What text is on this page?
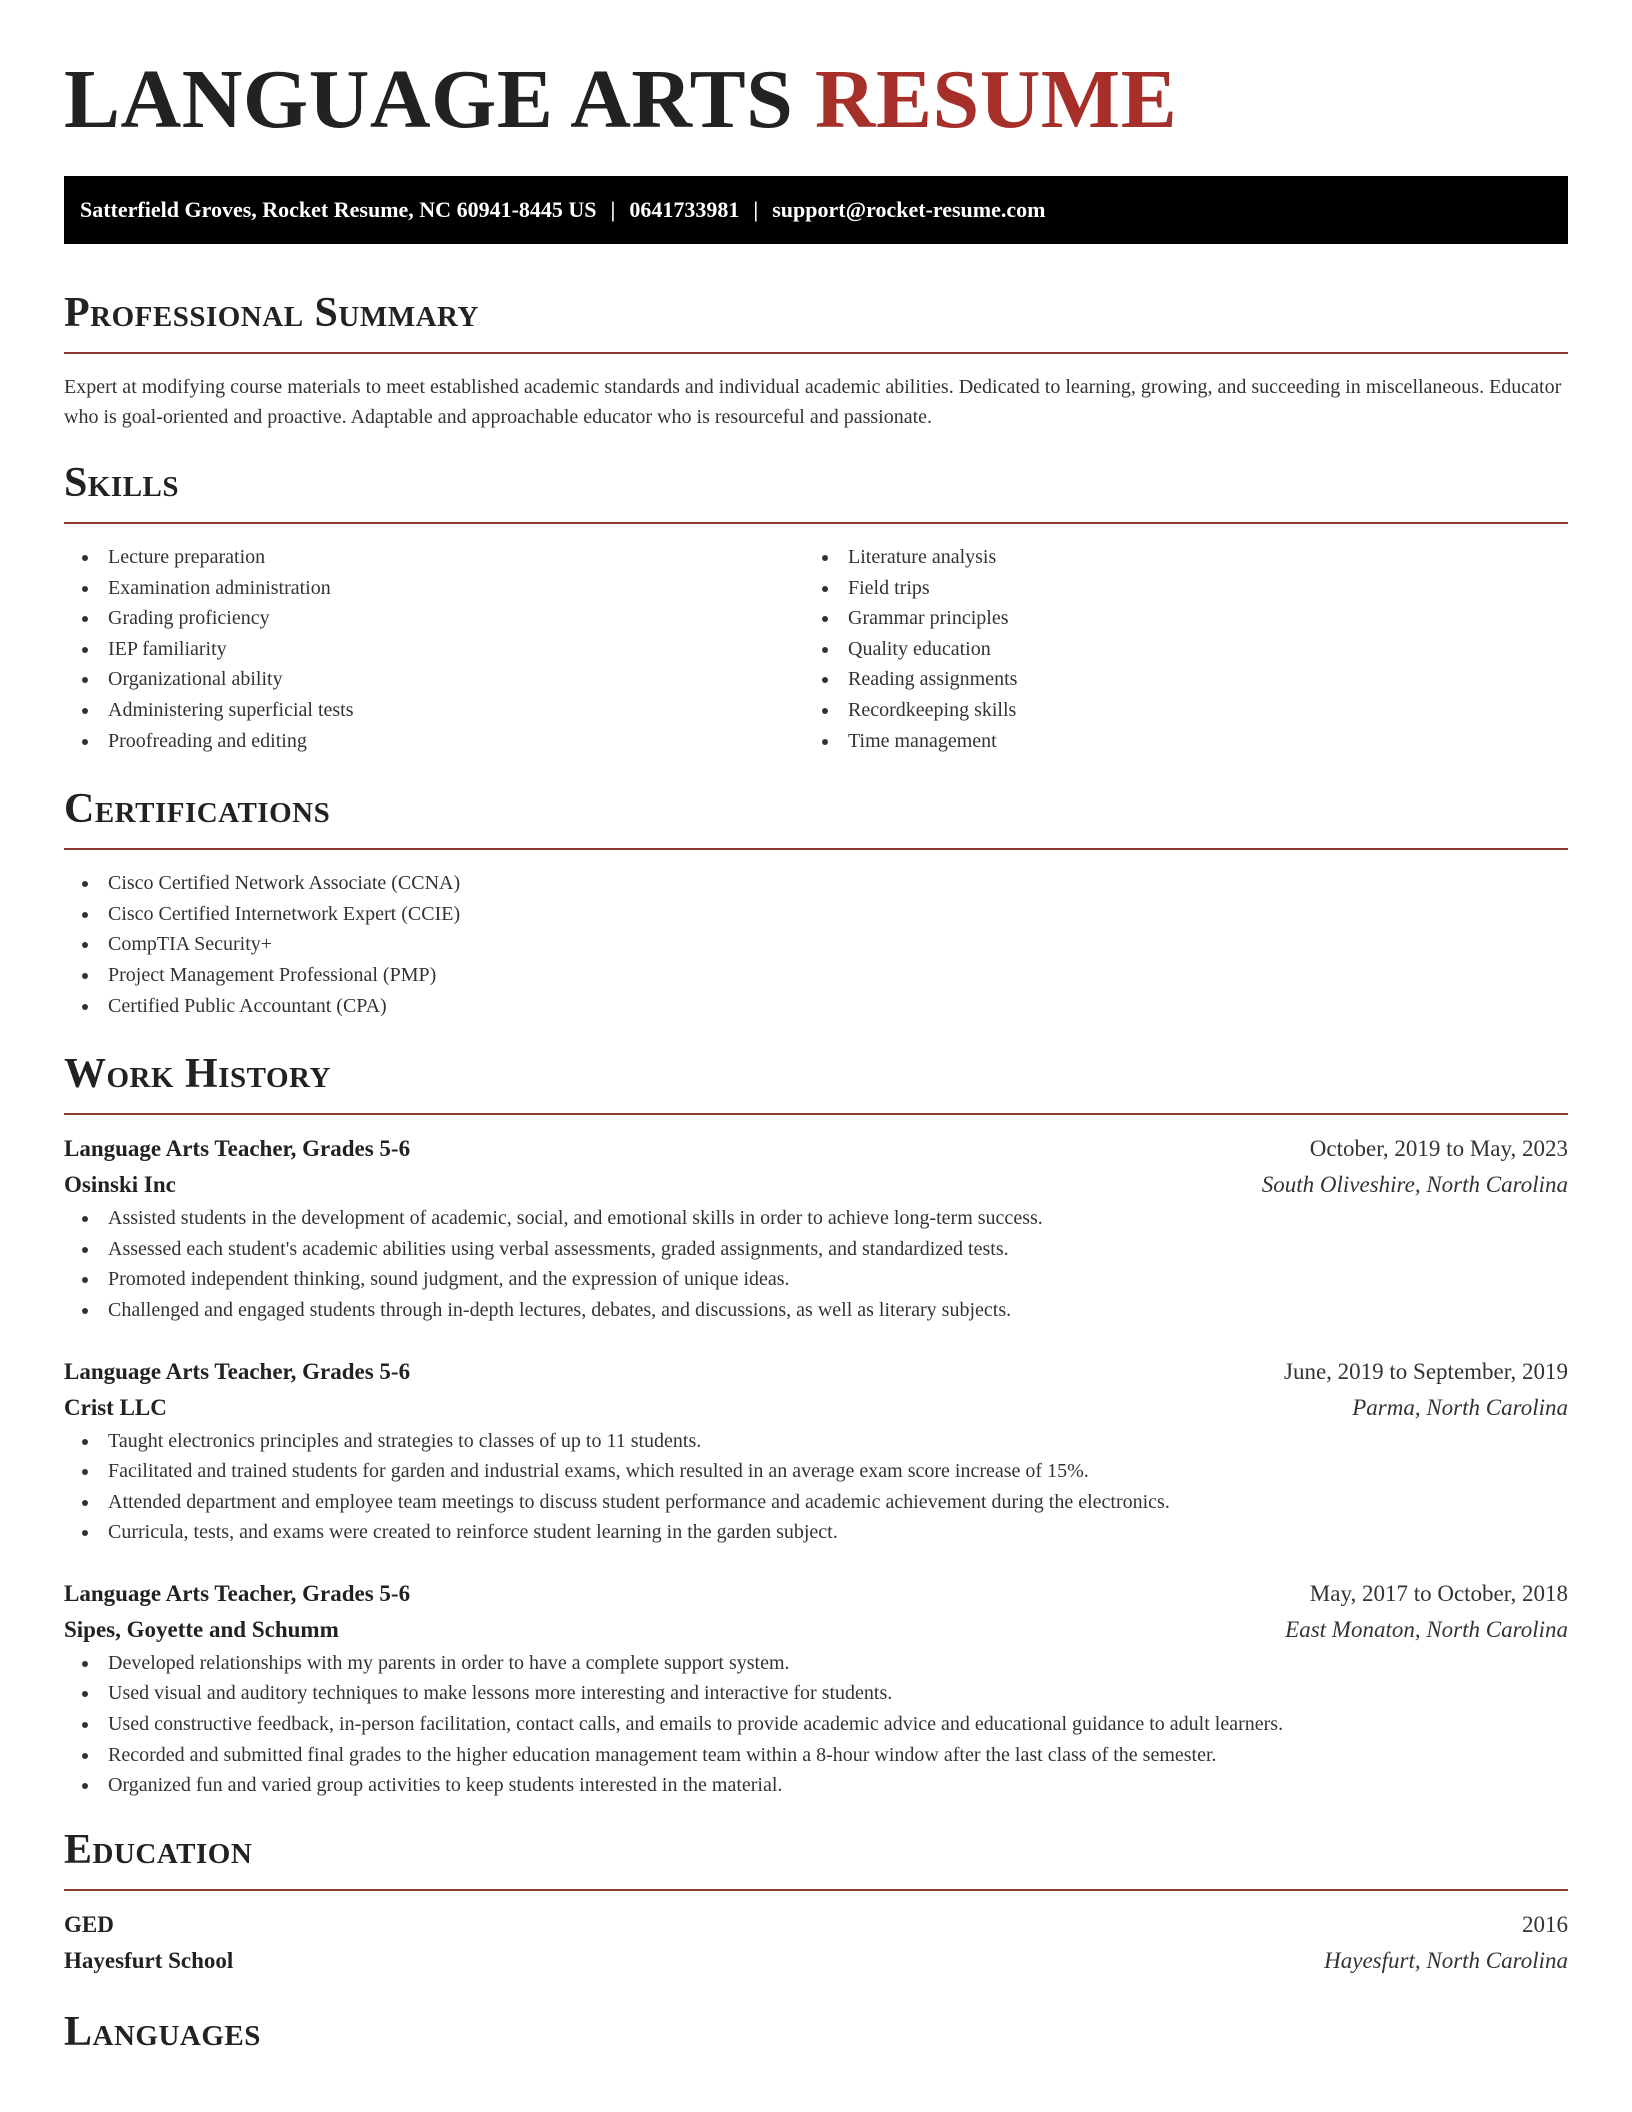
LANGUAGE ARTS RESUME
Satterfield Groves, Rocket Resume, NC 60941-8445 US | 0641733981 | support@rocket-resume.com
Professional Summary

Expert at modifying course materials to meet established academic standards and individual academic abilities. Dedicated to learning, growing, and succeeding in miscellaneous. Educator who is goal-oriented and proactive. Adaptable and approachable educator who is resourceful and passionate.

Skills
Lecture preparation
Examination administration
Grading proficiency
IEP familiarity
Organizational ability
Administering superficial tests
Proofreading and editing
Literature analysis
Field trips
Grammar principles
Quality education
Reading assignments
Recordkeeping skills
Time management
Certifications
Cisco Certified Network Associate (CCNA)
Cisco Certified Internetwork Expert (CCIE)
CompTIA Security+
Project Management Professional (PMP)
Certified Public Accountant (CPA)
Work History
Language Arts Teacher, Grades 5-6	October, 2019 to May, 2023
Osinski Inc	South Oliveshire, North Carolina
Assisted students in the development of academic, social, and emotional skills in order to achieve long-term success.
Assessed each student's academic abilities using verbal assessments, graded assignments, and standardized tests.
Promoted independent thinking, sound judgment, and the expression of unique ideas.
Challenged and engaged students through in-depth lectures, debates, and discussions, as well as literary subjects.
Language Arts Teacher, Grades 5-6	June, 2019 to September, 2019
Crist LLC	Parma, North Carolina
Taught electronics principles and strategies to classes of up to 11 students.
Facilitated and trained students for garden and industrial exams, which resulted in an average exam score increase of 15%.
Attended department and employee team meetings to discuss student performance and academic achievement during the electronics.
Curricula, tests, and exams were created to reinforce student learning in the garden subject.
Language Arts Teacher, Grades 5-6	May, 2017 to October, 2018
Sipes, Goyette and Schumm	East Monaton, North Carolina
Developed relationships with my parents in order to have a complete support system.
Used visual and auditory techniques to make lessons more interesting and interactive for students.
Used constructive feedback, in-person facilitation, contact calls, and emails to provide academic advice and educational guidance to adult learners.
Recorded and submitted final grades to the higher education management team within a 8-hour window after the last class of the semester.
Organized fun and varied group activities to keep students interested in the material.
Education
GED	2016
Hayesfurt School	Hayesfurt, North Carolina
Languages
